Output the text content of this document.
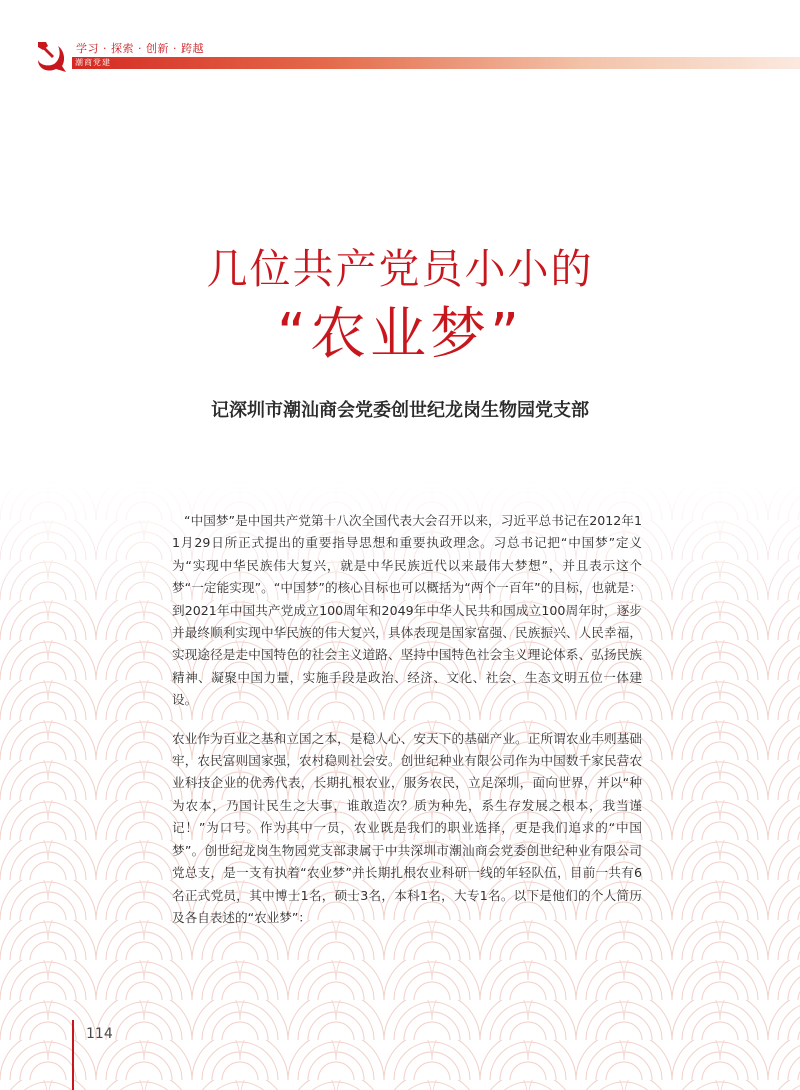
学习 · 探索 · 创新 · 跨越
潮商党建
几位共产党员小小的
“农业梦”
记深圳市潮汕商会党委创世纪龙岗生物园党支部

“中国梦”是中国共产党第十八次全国代表大会召开以来，习近平总书记在2012年11月29日所正式提出的重要指导思想和重要执政理念。习总书记把“中国梦”定义为“实现中华民族伟大复兴，就是中华民族近代以来最伟大梦想”，并且表示这个梦“一定能实现”。“中国梦”的核心目标也可以概括为“两个一百年”的目标，也就是：到2021年中国共产党成立100周年和2049年中华人民共和国成立100周年时，逐步并最终顺利实现中华民族的伟大复兴，具体表现是国家富强、民族振兴、人民幸福，实现途径是走中国特色的社会主义道路、坚持中国特色社会主义理论体系、弘扬民族精神、凝聚中国力量，实施手段是政治、经济、文化、社会、生态文明五位一体建设。

农业作为百业之基和立国之本，是稳人心、安天下的基础产业。正所谓农业丰则基础牢，农民富则国家强，农村稳则社会安。创世纪种业有限公司作为中国数千家民营农业科技企业的优秀代表，长期扎根农业，服务农民，立足深圳，面向世界，并以“种为农本，乃国计民生之大事，谁敢造次？质为种先，系生存发展之根本，我当谨记！”为口号。作为其中一员，农业既是我们的职业选择，更是我们追求的“中国梦”。创世纪龙岗生物园党支部隶属于中共深圳市潮汕商会党委创世纪种业有限公司党总支，是一支有执着“农业梦”并长期扎根农业科研一线的年轻队伍，目前一共有6名正式党员，其中博士1名，硕士3名，本科1名，大专1名。以下是他们的个人简历及各自表述的“农业梦”：

114
